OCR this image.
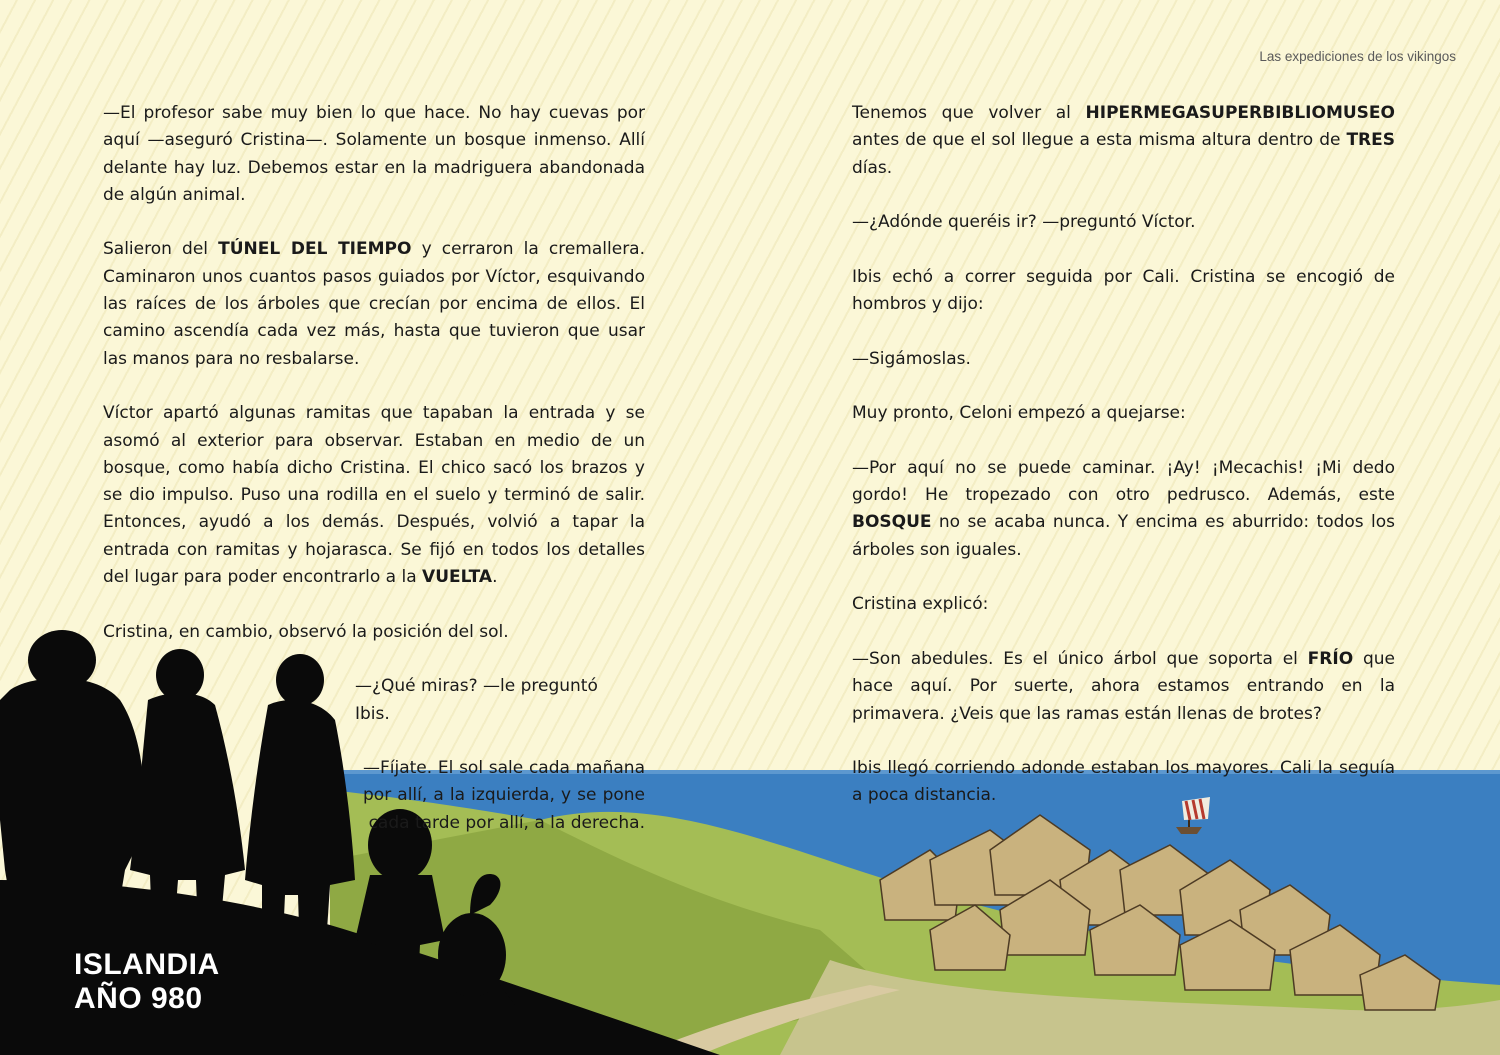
Las expediciones de los vikingos

—El profesor sabe muy bien lo que hace. No hay cuevas por aquí —aseguró Cristina—. Solamente un bosque inmenso. Allí delante hay luz. Debemos estar en la madriguera abandonada de algún animal.

Salieron del TÚNEL DEL TIEMPO y cerraron la cremallera. Caminaron unos cuantos pasos guiados por Víctor, esquivando las raíces de los árboles que crecían por encima de ellos. El camino ascendía cada vez más, hasta que tuvieron que usar las manos para no resbalarse.

Víctor apartó algunas ramitas que tapaban la entrada y se asomó al exterior para observar. Estaban en medio de un bosque, como había dicho Cristina. El chico sacó los brazos y se dio impulso. Puso una rodilla en el suelo y terminó de salir. Entonces, ayudó a los demás. Después, volvió a tapar la entrada con ramitas y hojarasca. Se fijó en todos los detalles del lugar para poder encontrarlo a la VUELTA.

Cristina, en cambio, observó la posición del sol.

—¿Qué miras? —le preguntó Ibis.

—Fíjate. El sol sale cada mañana por allí, a la izquierda, y se pone cada tarde por allí, a la derecha.

Tenemos que volver al HIPERMEGASUPERBIBLIOMUSEO antes de que el sol llegue a esta misma altura dentro de TRES días.

—¿Adónde queréis ir? —preguntó Víctor.

Ibis echó a correr seguida por Cali. Cristina se encogió de hombros y dijo:

—Sigámoslas.

Muy pronto, Celoni empezó a quejarse:

—Por aquí no se puede caminar. ¡Ay! ¡Mecachis! ¡Mi dedo gordo! He tropezado con otro pedrusco. Además, este BOSQUE no se acaba nunca. Y encima es aburrido: todos los árboles son iguales.

Cristina explicó:

—Son abedules. Es el único árbol que soporta el FRÍO que hace aquí. Por suerte, ahora estamos entrando en la primavera. ¿Veis que las ramas están llenas de brotes?

Ibis llegó corriendo adonde estaban los mayores. Cali la seguía a poca distancia.

ISLANDIA
AÑO 980
